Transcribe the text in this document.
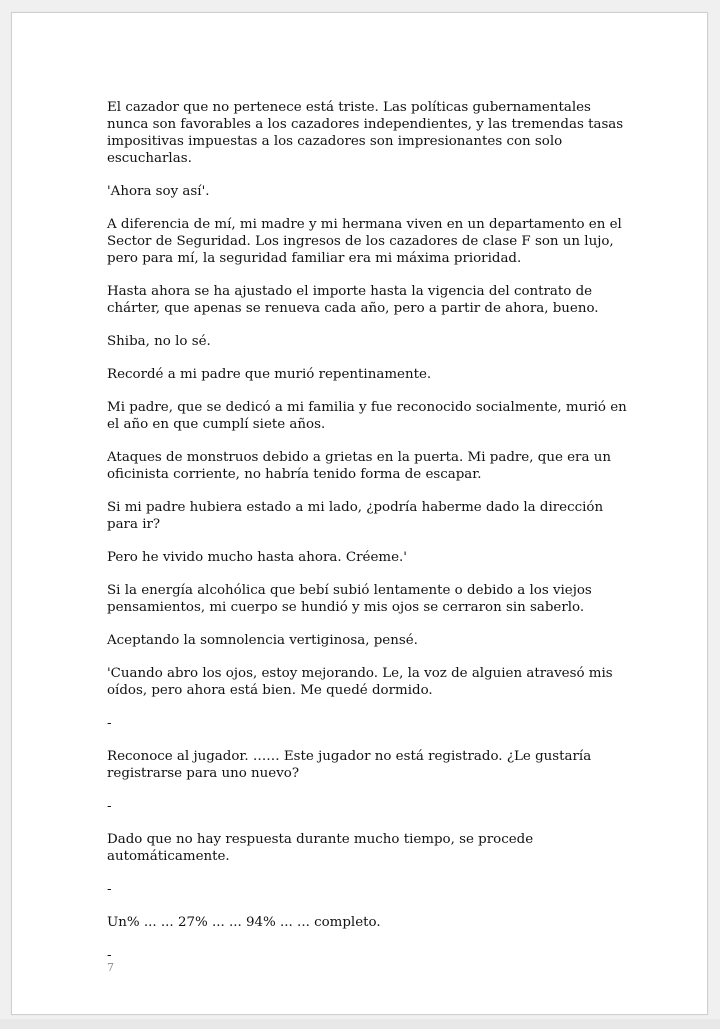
El cazador que no pertenece está triste. Las políticas gubernamentales nunca son favorables a los cazadores independientes, y las tremendas tasas impositivas impuestas a los cazadores son impresionantes con solo escucharlas.

'Ahora soy así'.

A diferencia de mí, mi madre y mi hermana viven en un departamento en el Sector de Seguridad. Los ingresos de los cazadores de clase F son un lujo, pero para mí, la seguridad familiar era mi máxima prioridad.

Hasta ahora se ha ajustado el importe hasta la vigencia del contrato de chárter, que apenas se renueva cada año, pero a partir de ahora, bueno.

Shiba, no lo sé.

Recordé a mi padre que murió repentinamente.

Mi padre, que se dedicó a mi familia y fue reconocido socialmente, murió en el año en que cumplí siete años.

Ataques de monstruos debido a grietas en la puerta. Mi padre, que era un oficinista corriente, no habría tenido forma de escapar.

Si mi padre hubiera estado a mi lado, ¿podría haberme dado la dirección para ir?

Pero he vivido mucho hasta ahora. Créeme.'

Si la energía alcohólica que bebí subió lentamente o debido a los viejos pensamientos, mi cuerpo se hundió y mis ojos se cerraron sin saberlo.

Aceptando la somnolencia vertiginosa, pensé.

'Cuando abro los ojos, estoy mejorando. Le, la voz de alguien atravesó mis oídos, pero ahora está bien. Me quedé dormido.

-

Reconoce al jugador. …… Este jugador no está registrado. ¿Le gustaría registrarse para uno nuevo?

-

Dado que no hay respuesta durante mucho tiempo, se procede automáticamente.

-

Un% ... ... 27% ... ... 94% ... ... completo.

-

7
